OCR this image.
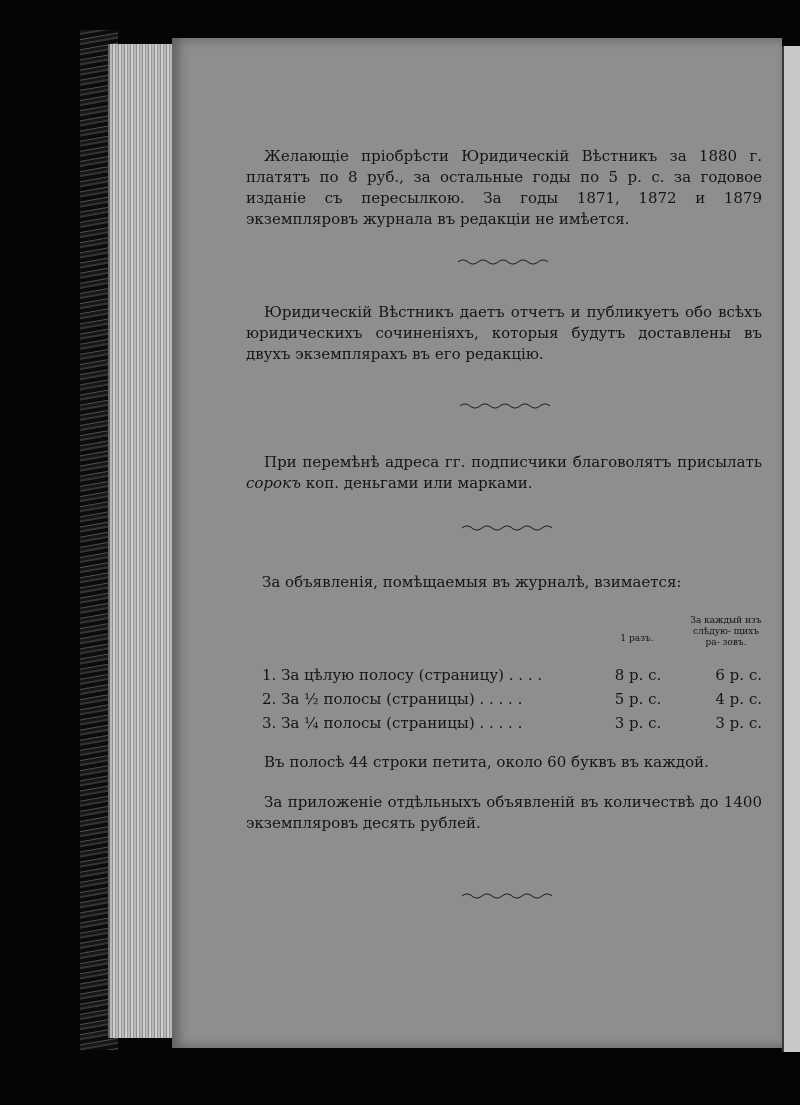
Желающіе пріобрѣсти Юридическій Вѣстникъ за 1880 г. платятъ по 8 руб., за остальные годы по 5 р. с. за годовое изданіе съ пересылкою. За годы 1871, 1872 и 1879 экземпляровъ журнала въ редакціи не имѣется.
Юридическій Вѣстникъ даетъ отчетъ и публикуетъ обо всѣхъ юридическихъ сочиненіяхъ, которыя будутъ доставлены въ двухъ экземплярахъ въ его редакцію.
При перемѣнѣ адреса гг. подписчики благоволятъ присылать сорокъ коп. деньгами или марками.
За объявленія, помѣщаемыя въ журналѣ, взимается:
1 разъ.
За каждый изъ слѣдую- щихъ ра- зовъ.
1. За цѣлую полосу (страницу) . . . .	8 р. с.	6 р. с.
2. За ½ полосы (страницы) . . . . .	5 р. с.	4 р. с.
3. За ¼ полосы (страницы) . . . . .	3 р. с.	3 р. с.
Въ полосѣ 44 строки петита, около 60 буквъ въ каждой.
За приложеніе отдѣльныхъ объявленій въ количествѣ до 1400 экземпляровъ десять рублей.
